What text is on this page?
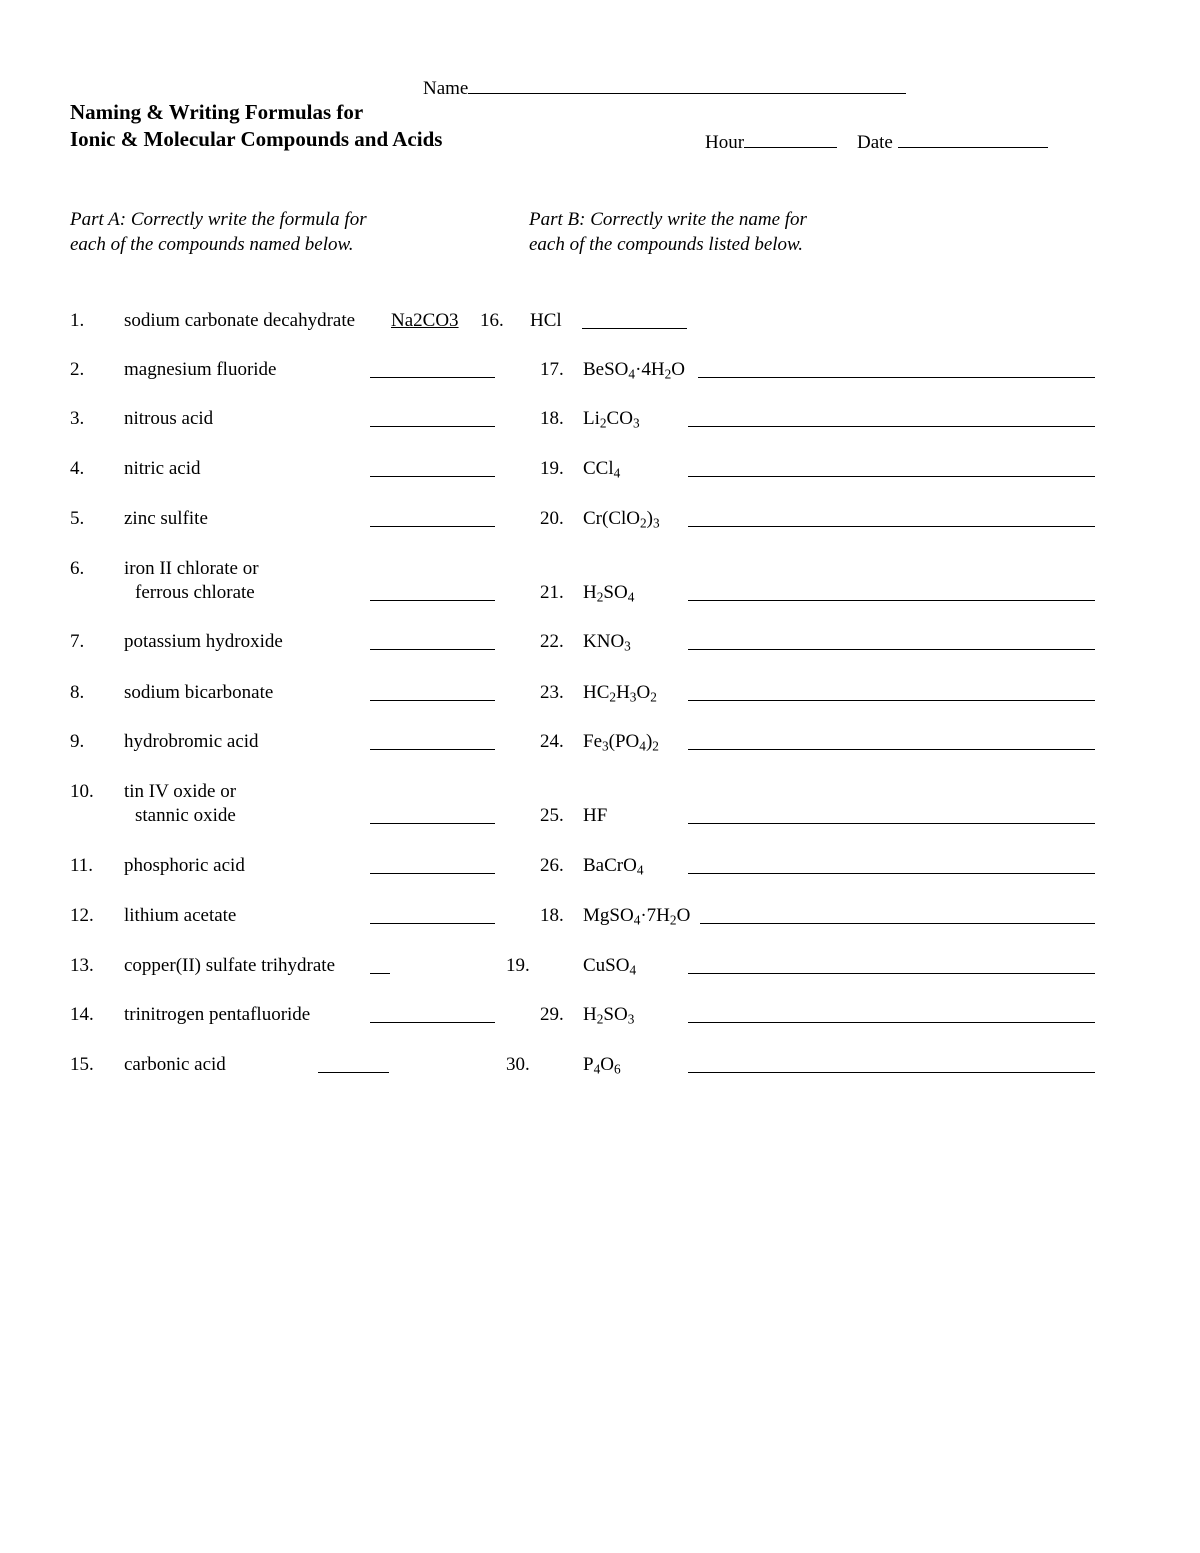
Name
Naming & Writing Formulas for
Ionic & Molecular Compounds and Acids	Hour	Date
Part A: Correctly write the formula for
each of the compounds named below.
Part B: Correctly write the name for
each of the compounds listed below.
1.	sodium carbonate decahydrate Na2CO3
2. magnesium fluoride
3. nitrous acid
4. nitric acid
5. zinc sulfite
6. iron II chlorate or
ferrous chlorate
7. potassium hydroxide
8. sodium bicarbonate
9. hydrobromic acid
10. tin IV oxide or
stannic oxide
11. phosphoric acid
12. lithium acetate
13. copper(II) sulfate trihydrate
14. trinitrogen pentafluoride
15. carbonic acid
16. HCl
17. $BeSO_4\cdot 4H_2O$
18. $Li_2CO_3$
19. CCl$_4$
20. $Cr(ClO_2)_3$
21. $H_2SO_4$
22. $KNO_3$
23. $HC_2H_3O_2$
24. $Fe_3(PO_4)_2$
25. HF
26. BaCrO$_4$
18. $MgSO_4\cdot 7H_2O$
19.	CuSO$_4$
29. $H_2SO_3$
30.	$P_4O_6$
